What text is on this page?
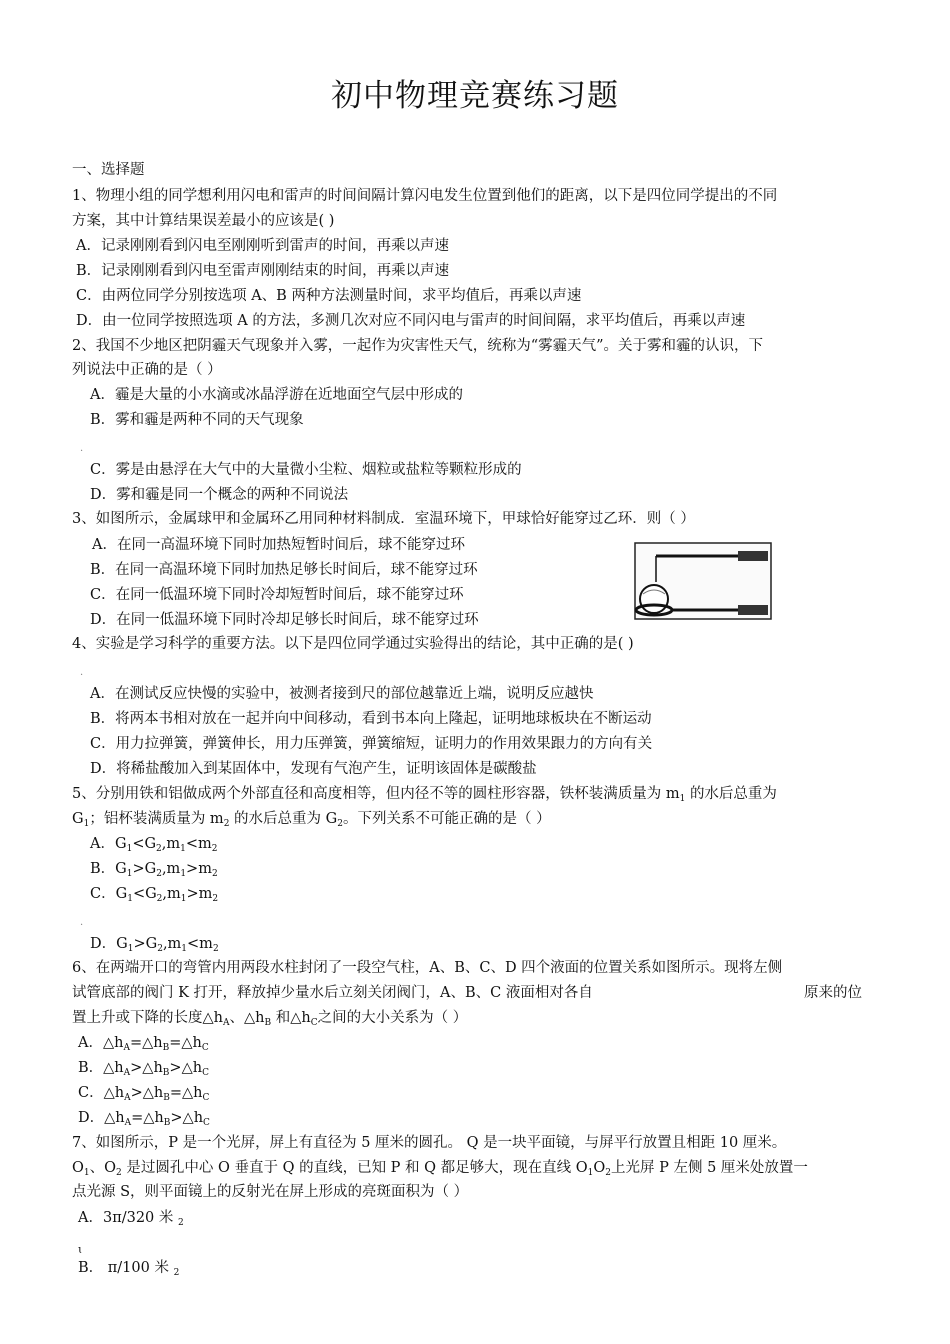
初中物理竞赛练习题
一、选择题
1、物理小组的同学想利用闪电和雷声的时间间隔计算闪电发生位置到他们的距离，以下是四位同学提出的不同
方案，其中计算结果误差最小的应该是( )
A．记录刚刚看到闪电至刚刚听到雷声的时间，再乘以声速
B．记录刚刚看到闪电至雷声刚刚结束的时间，再乘以声速
C．由两位同学分别按选项 A、B 两种方法测量时间，求平均值后，再乘以声速
D．由一位同学按照选项 A 的方法，多测几次对应不同闪电与雷声的时间间隔，求平均值后，再乘以声速
2、我国不少地区把阴霾天气现象并入雾，一起作为灾害性天气，统称为“雾霾天气”。关于雾和霾的认识，下
列说法中正确的是（ ）
A．霾是大量的小水滴或冰晶浮游在近地面空气层中形成的
B．雾和霾是两种不同的天气现象
·
C．雾是由悬浮在大气中的大量微小尘粒、烟粒或盐粒等颗粒形成的
D．雾和霾是同一个概念的两种不同说法
3、如图所示，金属球甲和金属环乙用同种材料制成．室温环境下，甲球恰好能穿过乙环．则（ ）
A．在同一高温环境下同时加热短暂时间后，球不能穿过环
B．在同一高温环境下同时加热足够长时间后，球不能穿过环
C．在同一低温环境下同时冷却短暂时间后，球不能穿过环
D．在同一低温环境下同时冷却足够长时间后，球不能穿过环
4、实验是学习科学的重要方法。以下是四位同学通过实验得出的结论，其中正确的是( )
·
A．在测试反应快慢的实验中，被测者接到尺的部位越靠近上端，说明反应越快
B．将两本书相对放在一起并向中间移动，看到书本向上隆起，证明地球板块在不断运动
C．用力拉弹簧，弹簧伸长，用力压弹簧，弹簧缩短，证明力的作用效果跟力的方向有关
D．将稀盐酸加入到某固体中，发现有气泡产生，证明该固体是碳酸盐
5、分别用铁和铝做成两个外部直径和高度相等，但内径不等的圆柱形容器，铁杯装满质量为 $m_1$ 的水后总重为
$G_1$；铝杯装满质量为 $m_2$ 的水后总重为 $G_2$。下列关系不可能正确的是（ ）
A．$G_1<G_2,m_1<m_2$
B．$G_1>G_2,m_1>m_2$
C．$G_1<G_2,m_1>m_2$
·
D．$G_1>G_2,m_1<m_2$
6、在两端开口的弯管内用两段水柱封闭了一段空气柱，A、B、C、D 四个液面的位置关系如图所示。现将左侧
试管底部的阀门 K 打开，释放掉少量水后立刻关闭阀门，A、B、C 液面相对各自	原来的位
置上升或下降的长度$\triangle h_A$、$\triangle h_B$ 和$\triangle h_C$之间的大小关系为（ ）
A．$\triangle h_A=\triangle h_B=\triangle h_C$
B．$\triangle h_A>\triangle h_B>\triangle h_C$
C．$\triangle h_A>\triangle h_B=\triangle h_C$
D．$\triangle h_A=\triangle h_B>\triangle h_C$
7、如图所示，P 是一个光屏，屏上有直径为 5 厘米的圆孔。 Q 是一块平面镜，与屏平行放置且相距 10 厘米。
$O_1$、$O_2$ 是过圆孔中心 O 垂直于 Q 的直线，已知 P 和 Q 都足够大，现在直线 $O_1O_2$上光屏 P 左侧 5 厘米处放置一
点光源 S，则平面镜上的反射光在屏上形成的亮斑面积为（ ）
A．3π/320 米 $_2$
ɩ
B． π/100 米 $_2$
